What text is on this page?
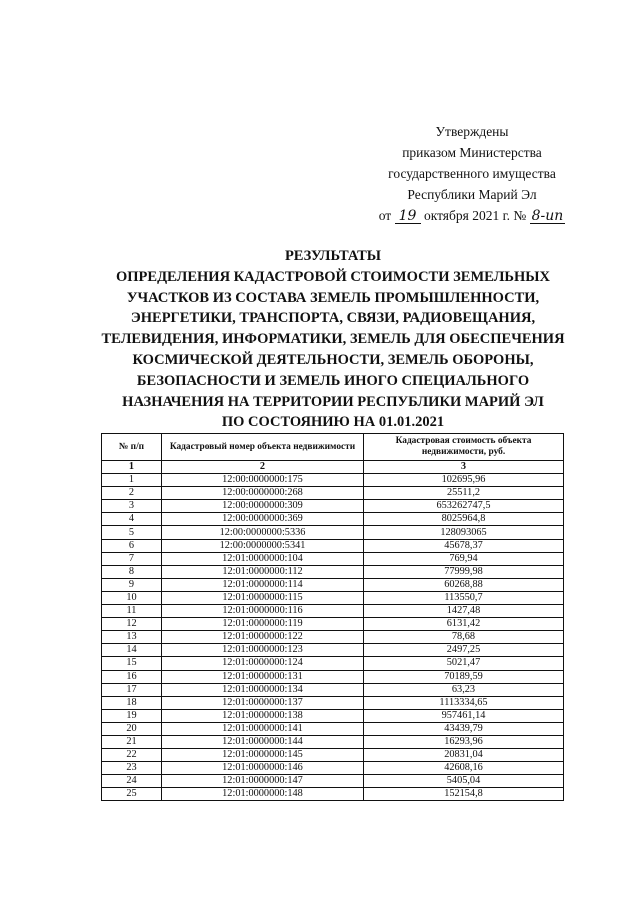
Утверждены
приказом Министерства
государственного имущества
Республики Марий Эл
от 19 октября 2021 г. № 8-ип
РЕЗУЛЬТАТЫ
ОПРЕДЕЛЕНИЯ КАДАСТРОВОЙ СТОИМОСТИ ЗЕМЕЛЬНЫХ
УЧАСТКОВ ИЗ СОСТАВА ЗЕМЕЛЬ ПРОМЫШЛЕННОСТИ,
ЭНЕРГЕТИКИ, ТРАНСПОРТА, СВЯЗИ, РАДИОВЕЩАНИЯ,
ТЕЛЕВИДЕНИЯ, ИНФОРМАТИКИ, ЗЕМЕЛЬ ДЛЯ ОБЕСПЕЧЕНИЯ
КОСМИЧЕСКОЙ ДЕЯТЕЛЬНОСТИ, ЗЕМЕЛЬ ОБОРОНЫ,
БЕЗОПАСНОСТИ И ЗЕМЕЛЬ ИНОГО СПЕЦИАЛЬНОГО
НАЗНАЧЕНИЯ НА ТЕРРИТОРИИ РЕСПУБЛИКИ МАРИЙ ЭЛ
ПО СОСТОЯНИЮ НА 01.01.2021
№ п/п	Кадастровый номер объекта недвижимости	Кадастровая стоимость объекта недвижимости, руб.
1	2	3
1	12:00:0000000:175	102695,96
2	12:00:0000000:268	25511,2
3	12:00:0000000:309	653262747,5
4	12:00:0000000:369	8025964,8
5	12:00:0000000:5336	128093065
6	12:00:0000000:5341	45678,37
7	12:01:0000000:104	769,94
8	12:01:0000000:112	77999,98
9	12:01:0000000:114	60268,88
10	12:01:0000000:115	113550,7
11	12:01:0000000:116	1427,48
12	12:01:0000000:119	6131,42
13	12:01:0000000:122	78,68
14	12:01:0000000:123	2497,25
15	12:01:0000000:124	5021,47
16	12:01:0000000:131	70189,59
17	12:01:0000000:134	63,23
18	12:01:0000000:137	1113334,65
19	12:01:0000000:138	957461,14
20	12:01:0000000:141	43439,79
21	12:01:0000000:144	16293,96
22	12:01:0000000:145	20831,04
23	12:01:0000000:146	42608,16
24	12:01:0000000:147	5405,04
25	12:01:0000000:148	152154,8
